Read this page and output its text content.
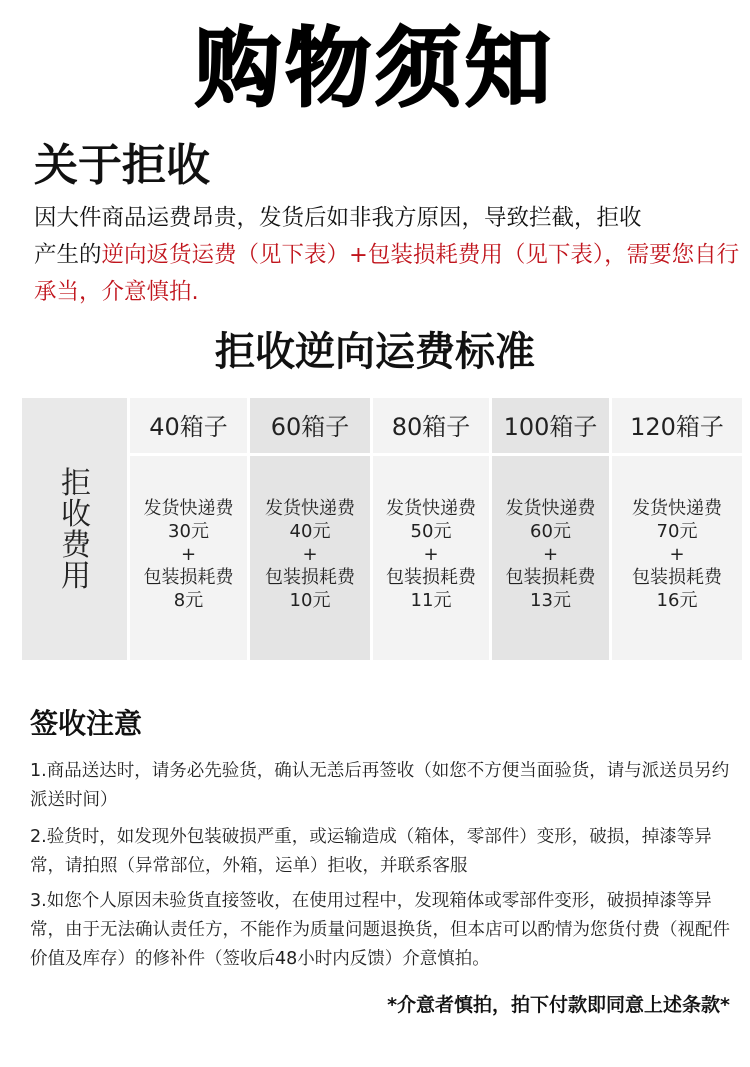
购物须知
关于拒收
因大件商品运费昂贵，发货后如非我方原因，导致拦截，拒收
产生的逆向返货运费（见下表）+包装损耗费用（见下表），需要您自行承当，介意慎拍.
拒收逆向运费标准
拒收费用
40箱子
发货快递费
30元
+
包装损耗费
8元
60箱子
发货快递费
40元
+
包装损耗费
10元
80箱子
发货快递费
50元
+
包装损耗费
11元
100箱子
发货快递费
60元
+
包装损耗费
13元
120箱子
发货快递费
70元
+
包装损耗费
16元
签收注意
1.商品送达时，请务必先验货，确认无恙后再签收（如您不方便当面验货，请与派送员另约派送时间）
2.验货时，如发现外包装破损严重，或运输造成（箱体，零部件）变形，破损，掉漆等异常，请拍照（异常部位，外箱，运单）拒收，并联系客服
3.如您个人原因未验货直接签收，在使用过程中，发现箱体或零部件变形，破损掉漆等异常，由于无法确认责任方，不能作为质量问题退换货，但本店可以酌情为您货付费（视配件价值及库存）的修补件（签收后48小时内反馈）介意慎拍。
*介意者慎拍，拍下付款即同意上述条款*
